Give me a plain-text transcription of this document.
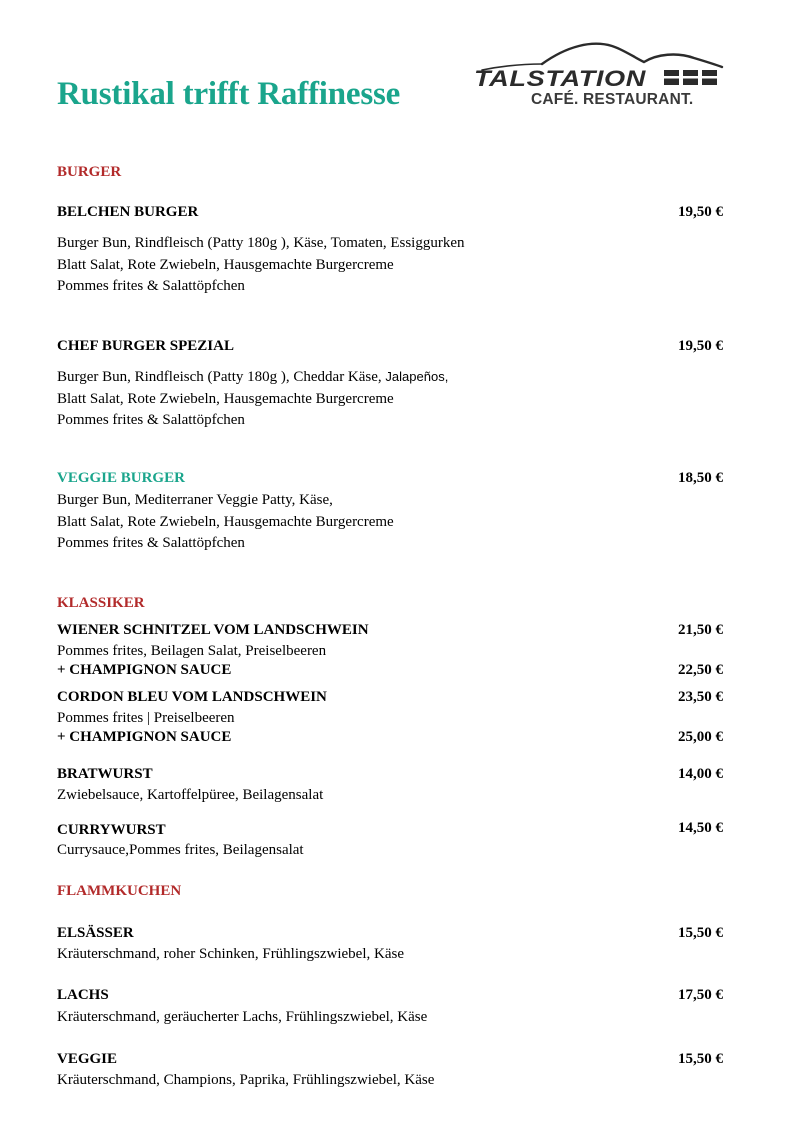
Rustikal trifft Raffinesse	TALSTATION
CAFÉ. RESTAURANT.
BURGER
BELCHEN BURGER	19,50 €
Burger Bun, Rindfleisch (Patty 180g ), Käse, Tomaten, Essiggurken
Blatt Salat, Rote Zwiebeln, Hausgemachte Burgercreme
Pommes frites & Salattöpfchen
CHEF BURGER SPEZIAL	19,50 €
Burger Bun, Rindfleisch (Patty 180g ), Cheddar Käse, Jalapeños,
Blatt Salat, Rote Zwiebeln, Hausgemachte Burgercreme
Pommes frites & Salattöpfchen
VEGGIE BURGER	18,50 €
Burger Bun, Mediterraner Veggie Patty, Käse,
Blatt Salat, Rote Zwiebeln, Hausgemachte Burgercreme
Pommes frites & Salattöpfchen
KLASSIKER
WIENER SCHNITZEL VOM LANDSCHWEIN	21,50 €
Pommes frites, Beilagen Salat, Preiselbeeren
+ CHAMPIGNON SAUCE	22,50 €
CORDON BLEU VOM LANDSCHWEIN	23,50 €
Pommes frites | Preiselbeeren
+ CHAMPIGNON SAUCE	25,00 €
BRATWURST	14,00 €
Zwiebelsauce, Kartoffelpüree, Beilagensalat
CURRYWURST	14,50 €
Currysauce,Pommes frites, Beilagensalat
FLAMMKUCHEN
ELSÄSSER	15,50 €
Kräuterschmand, roher Schinken, Frühlingszwiebel, Käse
LACHS	17,50 €
Kräuterschmand, geräucherter Lachs, Frühlingszwiebel, Käse
VEGGIE	15,50 €
Kräuterschmand, Champions, Paprika, Frühlingszwiebel, Käse
